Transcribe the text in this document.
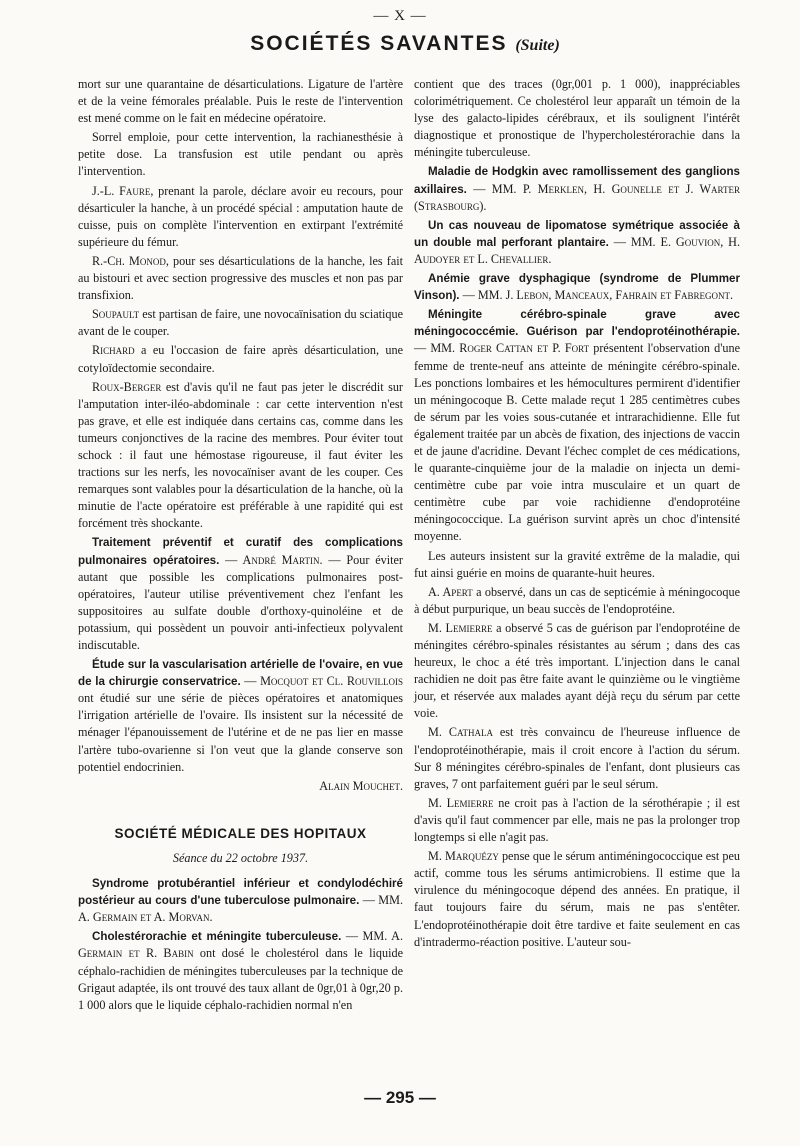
— X —
SOCIÉTÉS SAVANTES (Suite)

mort sur une quarantaine de désarticulations. Ligature de l'artère et de la veine fémorales préalable. Puis le reste de l'intervention est mené comme on le fait en médecine opératoire.

Sorrel emploie, pour cette intervention, la rachianesthésie à petite dose. La transfusion est utile pendant ou après l'intervention.

J.-L. Faure, prenant la parole, déclare avoir eu recours, pour désarticuler la hanche, à un procédé spécial : amputation haute de cuisse, puis on complète l'intervention en extirpant l'extrémité supérieure du fémur.

R.-Ch. Monod, pour ses désarticulations de la hanche, les fait au bistouri et avec section progressive des muscles et non pas par transfixion.

Soupault est partisan de faire, une novocaïnisation du sciatique avant de le couper.

Richard a eu l'occasion de faire après désarticulation, une cotyloïdectomie secondaire.

Roux-Berger est d'avis qu'il ne faut pas jeter le discrédit sur l'amputation inter-iléo-abdominale : car cette intervention n'est pas grave, et elle est indiquée dans certains cas, comme dans les tumeurs conjonctives de la racine des membres. Pour éviter tout schock : il faut une hémostase rigoureuse, il faut éviter les tractions sur les nerfs, les novocaïniser avant de les couper. Ces remarques sont valables pour la désarticulation de la hanche, où la minutie de l'acte opératoire est préférable à une rapidité qui est forcément très shockante.

Traitement préventif et curatif des complications pulmonaires opératoires. — André Martin. — Pour éviter autant que possible les complications pulmonaires post-opératoires, l'auteur utilise préventivement chez l'enfant les suppositoires au sulfate double d'orthoxy-quinoléine et de potassium, qui possèdent un pouvoir anti-infectieux polyvalent indiscutable.

Étude sur la vascularisation artérielle de l'ovaire, en vue de la chirurgie conservatrice. — Mocquot et Cl. Rouvillois ont étudié sur une série de pièces opératoires et anatomiques l'irrigation artérielle de l'ovaire. Ils insistent sur la nécessité de ménager l'épanouissement de l'utérine et de ne pas lier en masse l'artère tubo-ovarienne si l'on veut que la glande conserve son potentiel endocrinien.

Alain Mouchet.

SOCIÉTÉ MÉDICALE DES HOPITAUX
Séance du 22 octobre 1937.

Syndrome protubérantiel inférieur et condylodéchiré postérieur au cours d'une tuberculose pulmonaire. — MM. A. Germain et A. Morvan.

Cholestérorachie et méningite tuberculeuse. — MM. A. Germain et R. Babin ont dosé le cholestérol dans le liquide céphalo-rachidien de méningites tuberculeuses par la technique de Grigaut adaptée, ils ont trouvé des taux allant de 0gr,01 à 0gr,20 p. 1 000 alors que le liquide céphalo-rachidien normal n'en

contient que des traces (0gr,001 p. 1 000), inappréciables colorimétriquement. Ce cholestérol leur apparaît un témoin de la lyse des galacto-lipides cérébraux, et ils soulignent l'intérêt diagnostique et pronostique de l'hypercholestérorachie dans la méningite tuberculeuse.

Maladie de Hodgkin avec ramollissement des ganglions axillaires. — MM. P. Merklen, H. Gounelle et J. Warter (Strasbourg).

Un cas nouveau de lipomatose symétrique associée à un double mal perforant plantaire. — MM. E. Gouvion, H. Audoyer et L. Chevallier.

Anémie grave dysphagique (syndrome de Plummer Vinson). — MM. J. Lebon, Manceaux, Fahrain et Fabregont.

Méningite cérébro-spinale grave avec méningococcémie. Guérison par l'endoprotéinothérapie. — MM. Roger Cattan et P. Fort présentent l'observation d'une femme de trente-neuf ans atteinte de méningite cérébro-spinale. Les ponctions lombaires et les hémocultures permirent d'identifier un méningocoque B. Cette malade reçut 1 285 centimètres cubes de sérum par les voies sous-cutanée et intrarachidienne. Elle fut également traitée par un abcès de fixation, des injections de vaccin et de jaune d'acridine. Devant l'échec complet de ces médications, le quarante-cinquième jour de la maladie on injecta un demi-centimètre cube par voie intra musculaire et un quart de centimètre cube par voie rachidienne d'endoprotéine méningococcique. La guérison survint après un choc d'intensité moyenne.

Les auteurs insistent sur la gravité extrême de la maladie, qui fut ainsi guérie en moins de quarante-huit heures.

A. Apert a observé, dans un cas de septicémie à méningocoque à début purpurique, un beau succès de l'endoprotéine.

M. Lemierre a observé 5 cas de guérison par l'endoprotéine de méningites cérébro-spinales résistantes au sérum ; dans des cas heureux, le choc a été très important. L'injection dans le canal rachidien ne doit pas être faite avant le quinzième ou le vingtième jour, et réservée aux malades ayant déjà reçu du sérum par cette voie.

M. Cathala est très convaincu de l'heureuse influence de l'endoprotéinothérapie, mais il croit encore à l'action du sérum. Sur 8 méningites cérébro-spinales de l'enfant, dont plusieurs cas graves, 7 ont parfaitement guéri par le seul sérum.

M. Lemierre ne croit pas à l'action de la sérothérapie ; il est d'avis qu'il faut commencer par elle, mais ne pas la prolonger trop longtemps si elle n'agit pas.

M. Marquézy pense que le sérum antiméningococcique est peu actif, comme tous les sérums antimicrobiens. Il estime que la virulence du méningocoque dépend des années. En pratique, il faut toujours faire du sérum, mais ne pas s'entêter. L'endoprotéinothérapie doit être tardive et faite seulement en cas d'intradermo-réaction positive. L'auteur sou-

— 295 —
